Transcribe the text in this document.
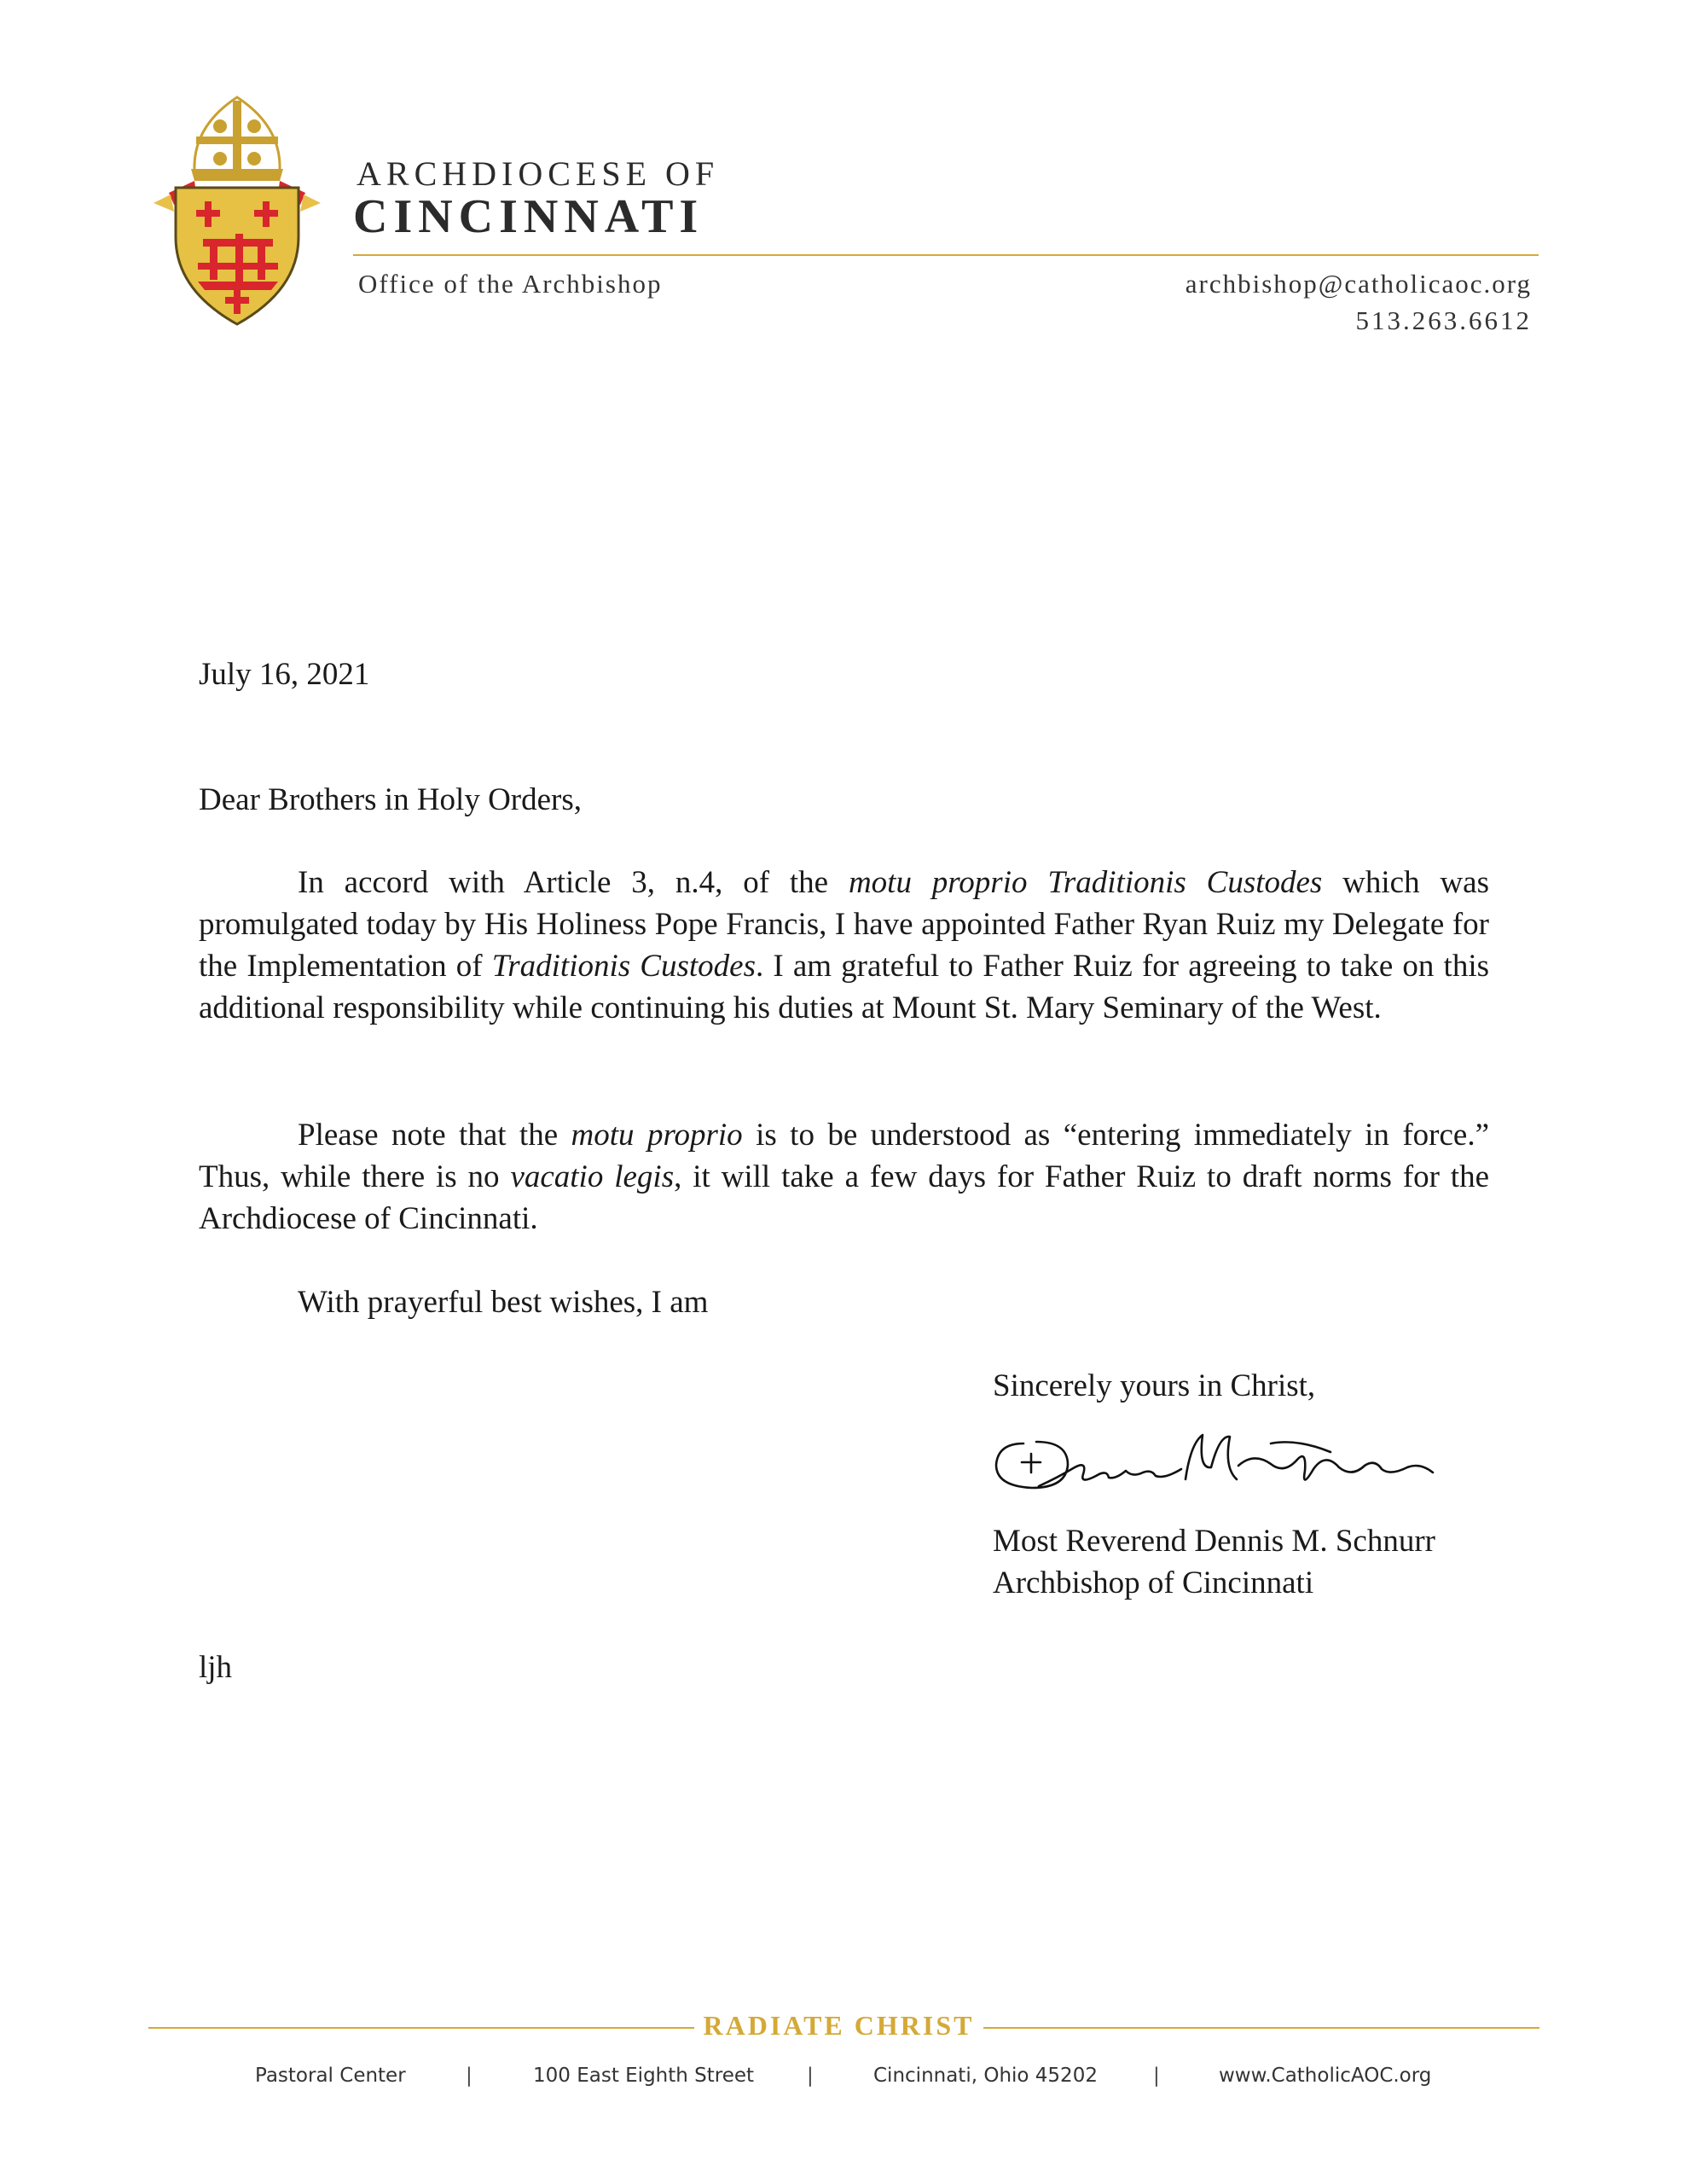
ARCHDIOCESE OF
CINCINNATI
Office of the Archbishop	archbishop@catholicaoc.org
513.263.6612
July 16, 2021
Dear Brothers in Holy Orders,
In accord with Article 3, n.4, of the motu proprio Traditionis Custodes which was promulgated today by His Holiness Pope Francis, I have appointed Father Ryan Ruiz my Delegate for the Implementation of Traditionis Custodes. I am grateful to Father Ruiz for agreeing to take on this additional responsibility while continuing his duties at Mount St. Mary Seminary of the West.
Please note that the motu proprio is to be understood as “entering immediately in force.” Thus, while there is no vacatio legis, it will take a few days for Father Ruiz to draft norms for the Archdiocese of Cincinnati.
With prayerful best wishes, I am
Sincerely yours in Christ,
Most Reverend Dennis M. Schnurr
Archbishop of Cincinnati
ljh
RADIATE CHRIST
Pastoral Center	|	100 East Eighth Street	|	Cincinnati, Ohio 45202	|	www.CatholicAOC.org
